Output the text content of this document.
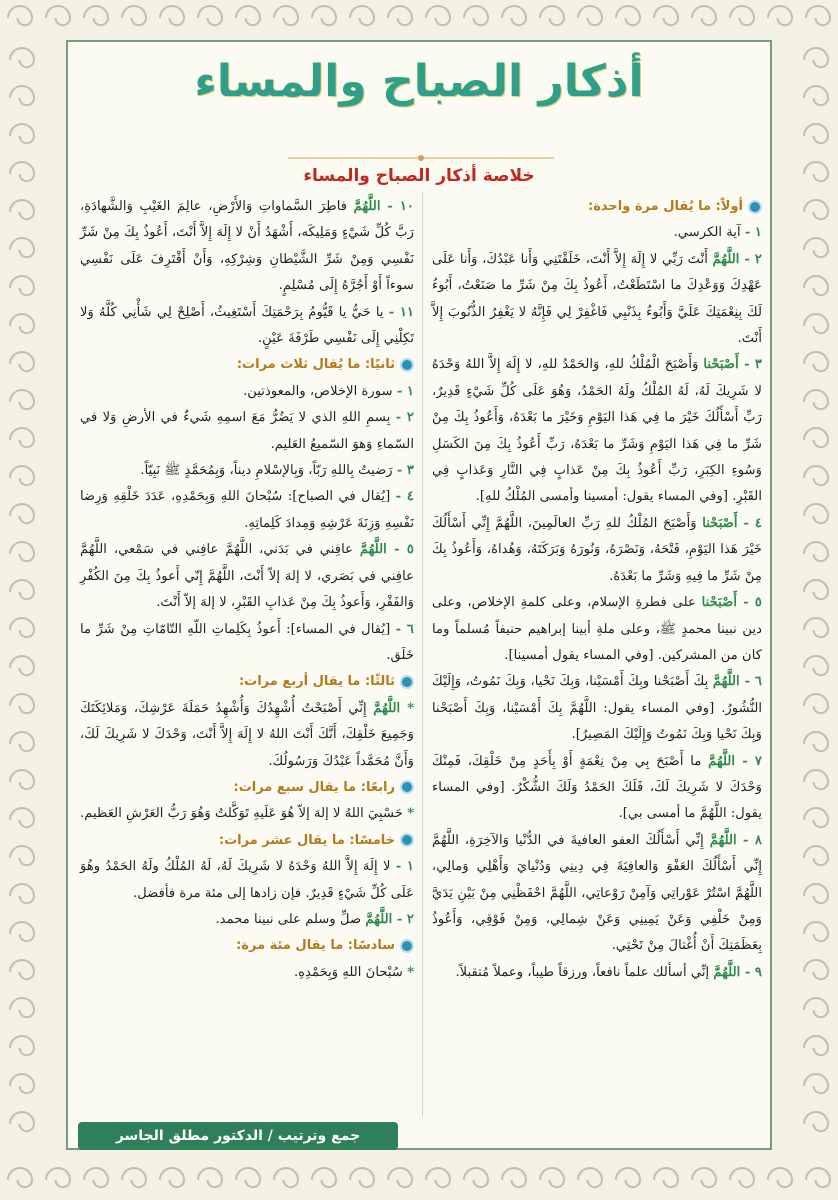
أذكار الصباح والمساء
خلاصة أذكار الصباح والمساء

أولاً: ما يُقال مرة واحدة:

١ - آية الكرسي.

٢ - اللَّهُمَّ أَنْتَ رَبِّي لا إِلَهَ إِلاَّ أَنْتَ، خَلَقْتَنِي وَأَنا عَبْدُكَ، وَأَنا عَلَى عَهْدِكَ وَوَعْدِكَ ما اسْتَطَعْتُ، أَعُوذُ بِكَ مِنْ شَرِّ ما صَنَعْتُ، أَبُوءُ لَكَ بِنِعْمَتِكَ عَلَيَّ وَأَبُوءُ بِذَنْبِي فَاغْفِرْ لِي فَإِنَّهُ لا يَغْفِرُ الذُّنُوبَ إِلاَّ أَنْتَ.

٣ - أَصْبَحْنا وَأَصْبَحَ الْمُلْكُ للهِ، وَالحَمْدُ للهِ، لا إِلَهَ إِلاَّ اللهُ وَحْدَهُ لا شَرِيكَ لَهُ، لَهُ المُلْكُ ولَهُ الحَمْدُ، وَهُوَ عَلَى كُلِّ شَيْءٍ قَدِيرٌ، رَبِّ أَسْأَلُكَ خَيْرَ ما فِي هَذا اليَوْمِ وَخَيْرَ ما بَعْدَهُ، وَأَعُوذُ بِكَ مِنْ شَرِّ ما فِي هَذا اليَوْمِ وَشَرِّ ما بَعْدَهُ، رَبِّ أَعُوذُ بِكَ مِنَ الكَسَلِ وَسُوءِ الكِبَرِ، رَبِّ أَعُوذُ بِكَ مِنْ عَذابٍ فِي النَّارِ وَعَذابٍ فِي القَبْرِ. [وفي المساء يقول: أمسينا وأمسى المُلْكُ للهِ].

٤ - أَصْبَحْنا وَأَصْبَحَ المُلْكُ للهِ رَبِّ العالَمِينَ، اللَّهُمَّ إِنِّي أَسْأَلُكَ خَيْرَ هَذا اليَوْمِ، فَتْحَهُ، وَنَصْرَهُ، وَنُورَهُ وَبَرَكَتَهُ، وَهُداهُ، وَأَعُوذُ بِكَ مِنْ شَرِّ ما فِيهِ وَشَرِّ ما بَعْدَهُ.

٥ - أَصْبَحْنا على فطرةِ الإسلام، وعلى كلمةِ الإخلاص، وعلى دين نبينا محمدٍ ﷺ، وعلى ملةِ أبينا إبراهيم حنيفاً مُسلماً وما كان من المشركين. [وفي المساء يقول أمسينا].

٦ - اللَّهُمَّ بِكَ أَصْبَحْنا وبِكَ أَمْسَيْنا، وَبِكَ نَحْيا، وَبِكَ نَمُوتُ، وَإِلَيْكَ النُّشُورُ. [وفي المساء يقول: اللَّهُمَّ بِكَ أَمْسَيْنا، وَبِكَ أَصْبَحْنا وَبِكَ نَحْيا وَبِكَ نَمُوتُ وَإِلَيْكَ المَصِيرُ].

٧ - اللَّهُمَّ ما أَصْبَحَ بِي مِنْ نِعْمَةٍ أَوْ بِأَحَدٍ مِنْ خَلْقِكَ، فَمِنْكَ وَحْدَكَ لا شَرِيكَ لَكَ، فَلَكَ الحَمْدُ وَلَكَ الشُّكْرُ. [وفي المساء يقول: اللَّهُمَّ ما أمسى بي].

٨ - اللَّهُمَّ إِنِّي أَسْأَلُكَ العفو العافيةَ في الدُّنْيا وَالآخِرَةِ، اللَّهُمَّ إِنِّي أَسْأَلُكَ العَفْوَ وَالعافِيَةَ فِي دِينِي وَدُنْيايَ وَأَهْلِي وَمالِي، اللَّهُمَّ اسْتُرْ عَوْراتِي وَآمِنْ رَوْعاتِي، اللَّهُمَّ احْفَظْنِي مِنْ بَيْنِ يَدَيَّ وَمِنْ خَلْفِي وَعَنْ يَمِينِي وَعَنْ شِمالِي، وَمِنْ فَوْقِي، وَأَعُوذُ بِعَظَمَتِكَ أَنْ أُغْتالَ مِنْ تَحْتِي.

٩ - اللَّهُمَّ إنِّي أسألك علماً نافعاً، ورزقاً طيباً، وعملاً مُتقبلاً.

١٠ - اللَّهُمَّ فاطِرَ السَّماواتِ وَالأَرْضِ، عالِمَ الغَيْبِ وَالشَّهادَةِ، رَبَّ كُلِّ شَيْءٍ وَمَلِيكَه، أَشْهَدُ أَنْ لا إِلَهَ إِلاَّ أَنْتَ، أَعُوذُ بِكَ مِنْ شَرِّ نَفْسِي وَمِنْ شَرِّ الشَّيْطانِ وَشِرْكِهِ، وَأَنْ أَقْتَرِفَ عَلَى نَفْسِي سوءاً أَوْ أَجُرَّهُ إِلَى مُسْلِمٍ.

١١ - يا حَيُّ يا قَيُّومُ بِرَحْمَتِكَ أَسْتَغِيثُ، أَصْلِحْ لِي شَأْنِي كُلَّهُ وَلا تَكِلْنِي إِلَى نَفْسِي طَرْفَةَ عَيْنٍ.

ثانيًا: ما يُقال ثلاث مرات:

١ - سورة الإخلاص، والمعوذتين.

٢ - بِسمِ اللهِ الذي لا يَضُرُّ مَعَ اسمِهِ شَيءٌ في الأرضِ وَلا في السّماءِ وَهوَ السّميعُ العَليم.

٣ - رَضيتُ بِاللهِ رَبّاً، وَبِالإسْلامِ ديناً، وَبِمُحَمَّدٍ ﷺ نَبِيّاً.

٤ - [يُقال في الصباح]: سُبْحانَ اللهِ وَبِحَمْدِهِ، عَدَدَ خَلْقِهِ وَرِضا نَفْسِهِ وَزِنَةَ عَرْشِهِ وَمِدادَ كَلِماتِهِ.

٥ - اللَّهُمَّ عافِني في بَدَني، اللَّهُمَّ عافِني في سَمْعي، اللَّهُمَّ عافِني في بَصَري، لا إلهَ إلاّ أَنْتَ، اللَّهُمَّ إِنّي أَعوذُ بِكَ مِنَ الكُفْرِ وَالفَقْرِ، وَأَعوذُ بِكَ مِنْ عَذابِ القَبْرِ، لا إلهَ إلاّ أَنْتَ.

٦ - [يُقال في المساء]: أَعوذُ بِكَلِماتِ اللّهِ التّامّاتِ مِنْ شَرِّ ما خَلَق.

ثالثًا: ما يقال أربع مرات:

* اللَّهُمَّ إِنِّي أَصْبَحْتُ أُشْهِدُكَ وَأُشْهِدُ حَمَلَةَ عَرْشِكَ، وَمَلائِكَتَكَ وَجَمِيعَ خَلْقِكَ، أَنَّكَ أَنْتَ اللهُ لا إِلَهَ إِلاَّ أَنْتَ، وَحْدَكَ لا شَرِيكَ لَكَ، وَأَنَّ مُحَمَّداً عَبْدُكَ وَرَسُولُكَ.

رابعًا: ما يقال سبع مرات:

* حَسْبِيَ اللهُ لا إلهَ إلاّ هُوَ عَلَيهِ تَوَكَّلتُ وَهُوَ رَبُّ العَرْشِ العَظيم.

خامسًا: ما يقال عشر مرات:

١ - لا إِلَهَ إِلاَّ اللهُ وَحْدَهُ لا شَرِيكَ لَهُ، لَهُ المُلْكُ ولَهُ الحَمْدُ وهُوَ عَلَى كُلِّ شَيْءٍ قَدِيرٌ. فإن زادها إلى مئة مرة فأفضل.

٢ - اللَّهُمَّ صلِّ وسلم على نبينا محمد.

سادسًا: ما يقال مئة مرة:

* سُبْحانَ اللهِ وَبِحَمْدِهِ.

جمع وترتيب / الدكتور مطلق الجاسر
